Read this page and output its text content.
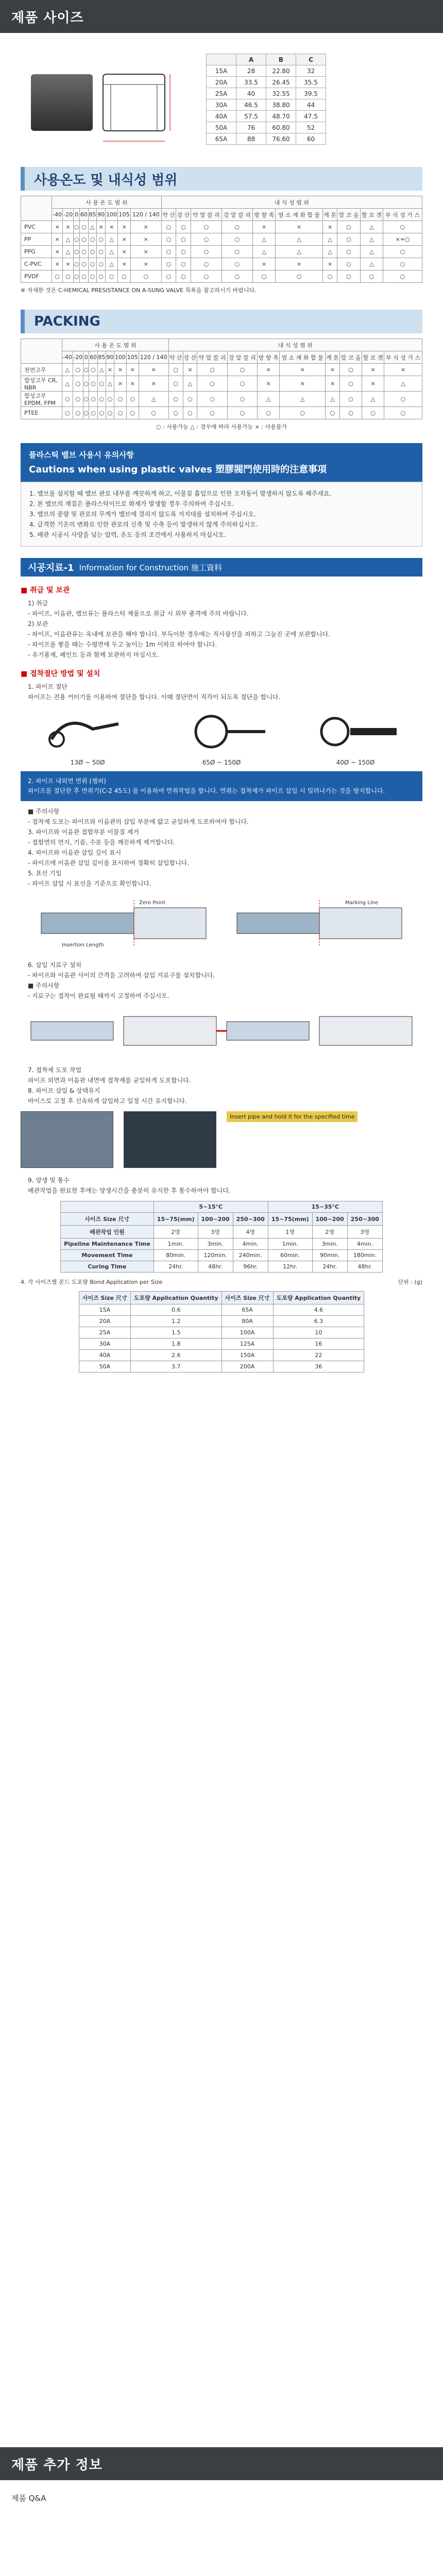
제품 사이즈
	A	B	C
15A	28	22.80	32
20A	33.5	26.45	35.5
25A	40	32.55	39.5
30A	46.5	38.80	44
40A	57.5	48.70	47.5
50A	76	60.80	52
65A	88	76.60	60
사용온도 및 내식성 범위
	사 용 온 도 범 위									내 식 성 범 위									
	-40	-20	0	60	85	90	100	105	120 / 140	약 산	강 산	약 알 칼 리	강 알 칼 리	방 향 족	염 소 계 화 합 물	케 톤	알 코 올	할 로 겐	부 식 성 가 스
PVC	×	×	○	○	△	×	×	×	×	○	○	○	○	×	×	×	○	△	○
PP	×	△	○	○	○	○	△	×	×	○	○	○	○	△	△	△	○	△	×=○
PPG	×	△	○	○	○	○	△	×	×	○	○	○	○	△	△	△	○	△	○
C-PVC	×	×	○	○	○	○	△	×	×	○	○	○	○	×	×	×	○	△	○
PVDF	○	○	○	○	○	○	○	○	○	○	○	○	○	○	○	○	○	○	○
※ 자세한 것은 C-HEMICAL PRESISTANCE ON A-SUNG VALVE 목록을 참고하시기 바랍니다.
PACKING
	사 용 온 도 범 위									내 식 성 범 위									
	-40	-20	0	60	85	90	100	105	120 / 140	약 산	강 산	약 알 칼 리	강 알 칼 리	방 향 족	염 소 계 화 합 물	케 톤	알 코 올	할 로 겐	부 식 성 가 스
천연고무	△	○	○	○	△	×	×	×	×	○	×	○	○	×	×	×	○	×	×
합성고무 CR, NBR	△	○	○	○	○	△	×	×	×	○	△	○	○	×	×	×	○	×	△
합성고무 EPDM, FPM	○	○	○	○	○	○	○	○	△	○	○	○	○	△	△	△	○	△	○
PTEE	○	○	○	○	○	○	○	○	○	○	○	○	○	○	○	○	○	○	○
○ : 사용가능 △ : 경우에 따라 사용가능 × : 사용불가
플라스틱 밸브 사용시 유의사항
Cautions when using plastic valves 塑膠閥門使用時的注意事項
1. 밸브를 설치할 때 밸브 관로 내부를 깨끗하게 하고, 이물질 흡입으로 인한 오작동이 발생하지 않도록 해주세요.
2. 본 밸브의 재질은 플라스틱이므로 화재가 발생할 경우 주의하여 주십시오.
3. 밸브의 중량 및 관로의 무게가 밸브에 걸리지 않도록 지지대를 설치하여 주십시오.
4. 급격한 기온의 변화로 인한 관로의 신축 및 수축 등이 발생하지 않게 주의하십시오.
5. 배관 시공시 사양을 넘는 압력, 온도 등의 조건에서 사용하지 마십시오.
시공지료-1 Information for Construction 施工資料
■ 취급 및 보관
1) 취급
- 파이프, 이음관, 밸브류는 플라스틱 제품으로 취급 시 외부 충격에 주의 바랍니다.
2) 보관
- 파이프, 이음관류는 옥내에 보관을 해야 합니다. 부득이한 경우에는 직사광선을 피하고 그늘진 곳에 보관합니다.
- 파이프를 쌓을 때는 수평면에 두고 높이는 1m 이하로 하여야 합니다.
- 유기용제, 페인트 등과 함께 보관하지 마십시오.
■ 접착절단 방법 및 설치
1. 파이프 절단
파이프는 전용 커터기를 이용하여 절단을 합니다. 이때 절단면이 직각이 되도록 절단을 합니다.
13Ø ~ 50Ø	65Ø ~ 150Ø	40Ø ~ 150Ø
2. 파이프 내외면 면취 (챔퍼)
파이프를 절단한 후 면취기(C-2 45도) 를 이용하여 면취작업을 합니다. 면취는 접착제가 파이프 삽입 시 밀려나가는 것을 방지합니다.
■ 주의사항
- 접착제 도포는 파이프와 이음관의 삽입 부분에 얇고 균일하게 도포하여야 합니다.
3. 파이프와 이음관 접합부분 이물질 제거
- 접합면의 먼지, 기름, 수분 등을 깨끗하게 제거합니다.
4. 파이프와 이음관 삽입 길이 표시
- 파이프에 이음관 삽입 깊이를 표시하여 정확히 삽입합니다.
5. 표선 기입
- 파이프 삽입 시 표선을 기준으로 확인합니다.
Zero Point
Insertion Length
Marking Line
6. 삽입 지료구 설치
- 파이프와 이음관 사이의 간격을 고려하여 삽입 지료구를 설치합니다.
■ 주의사항
- 지료구는 접착이 완료될 때까지 고정하여 주십시오.
7. 접착제 도포 작업
파이프 외면과 이음관 내면에 접착제를 균일하게 도포합니다.
8. 파이프 삽입 & 상태유지
바이스로 고정 후 신속하게 삽입하고 일정 시간 유지합니다.
Insert pipe and hold it for the specified time
9. 양생 및 통수
배관작업을 완료한 후에는 양생시간을 충분히 유지한 후 통수하여야 합니다.
	5~15°C			15~35°C		
사이즈 Size 尺寸	15~75(mm)	100~200	250~300	15~75(mm)	100~200	250~300
배관작업 인원	2명	3명	4명	1명	2명	3명
Pipeline Maintenance Time	1min.	3min.	4min.	1min.	3min.	4min.
Movement Time	80min.	120min.	240min.	60min.	90min.	180min.
Curing Time	24hr.	48hr.	96hr.	12hr.	24hr.	48hr.
4. 각 사이즈별 본드 도포량 Bond Application per Size	단위 : (g)
사이즈 Size 尺寸	도포량 Application Quantity	사이즈 Size 尺寸	도포량 Application Quantity
15A	0.6	65A	4.6
20A	1.2	80A	6.3
25A	1.5	100A	10
30A	1.8	125A	16
40A	2.6	150A	22
50A	3.7	200A	36
제품 추가 정보
제품 Q&A
